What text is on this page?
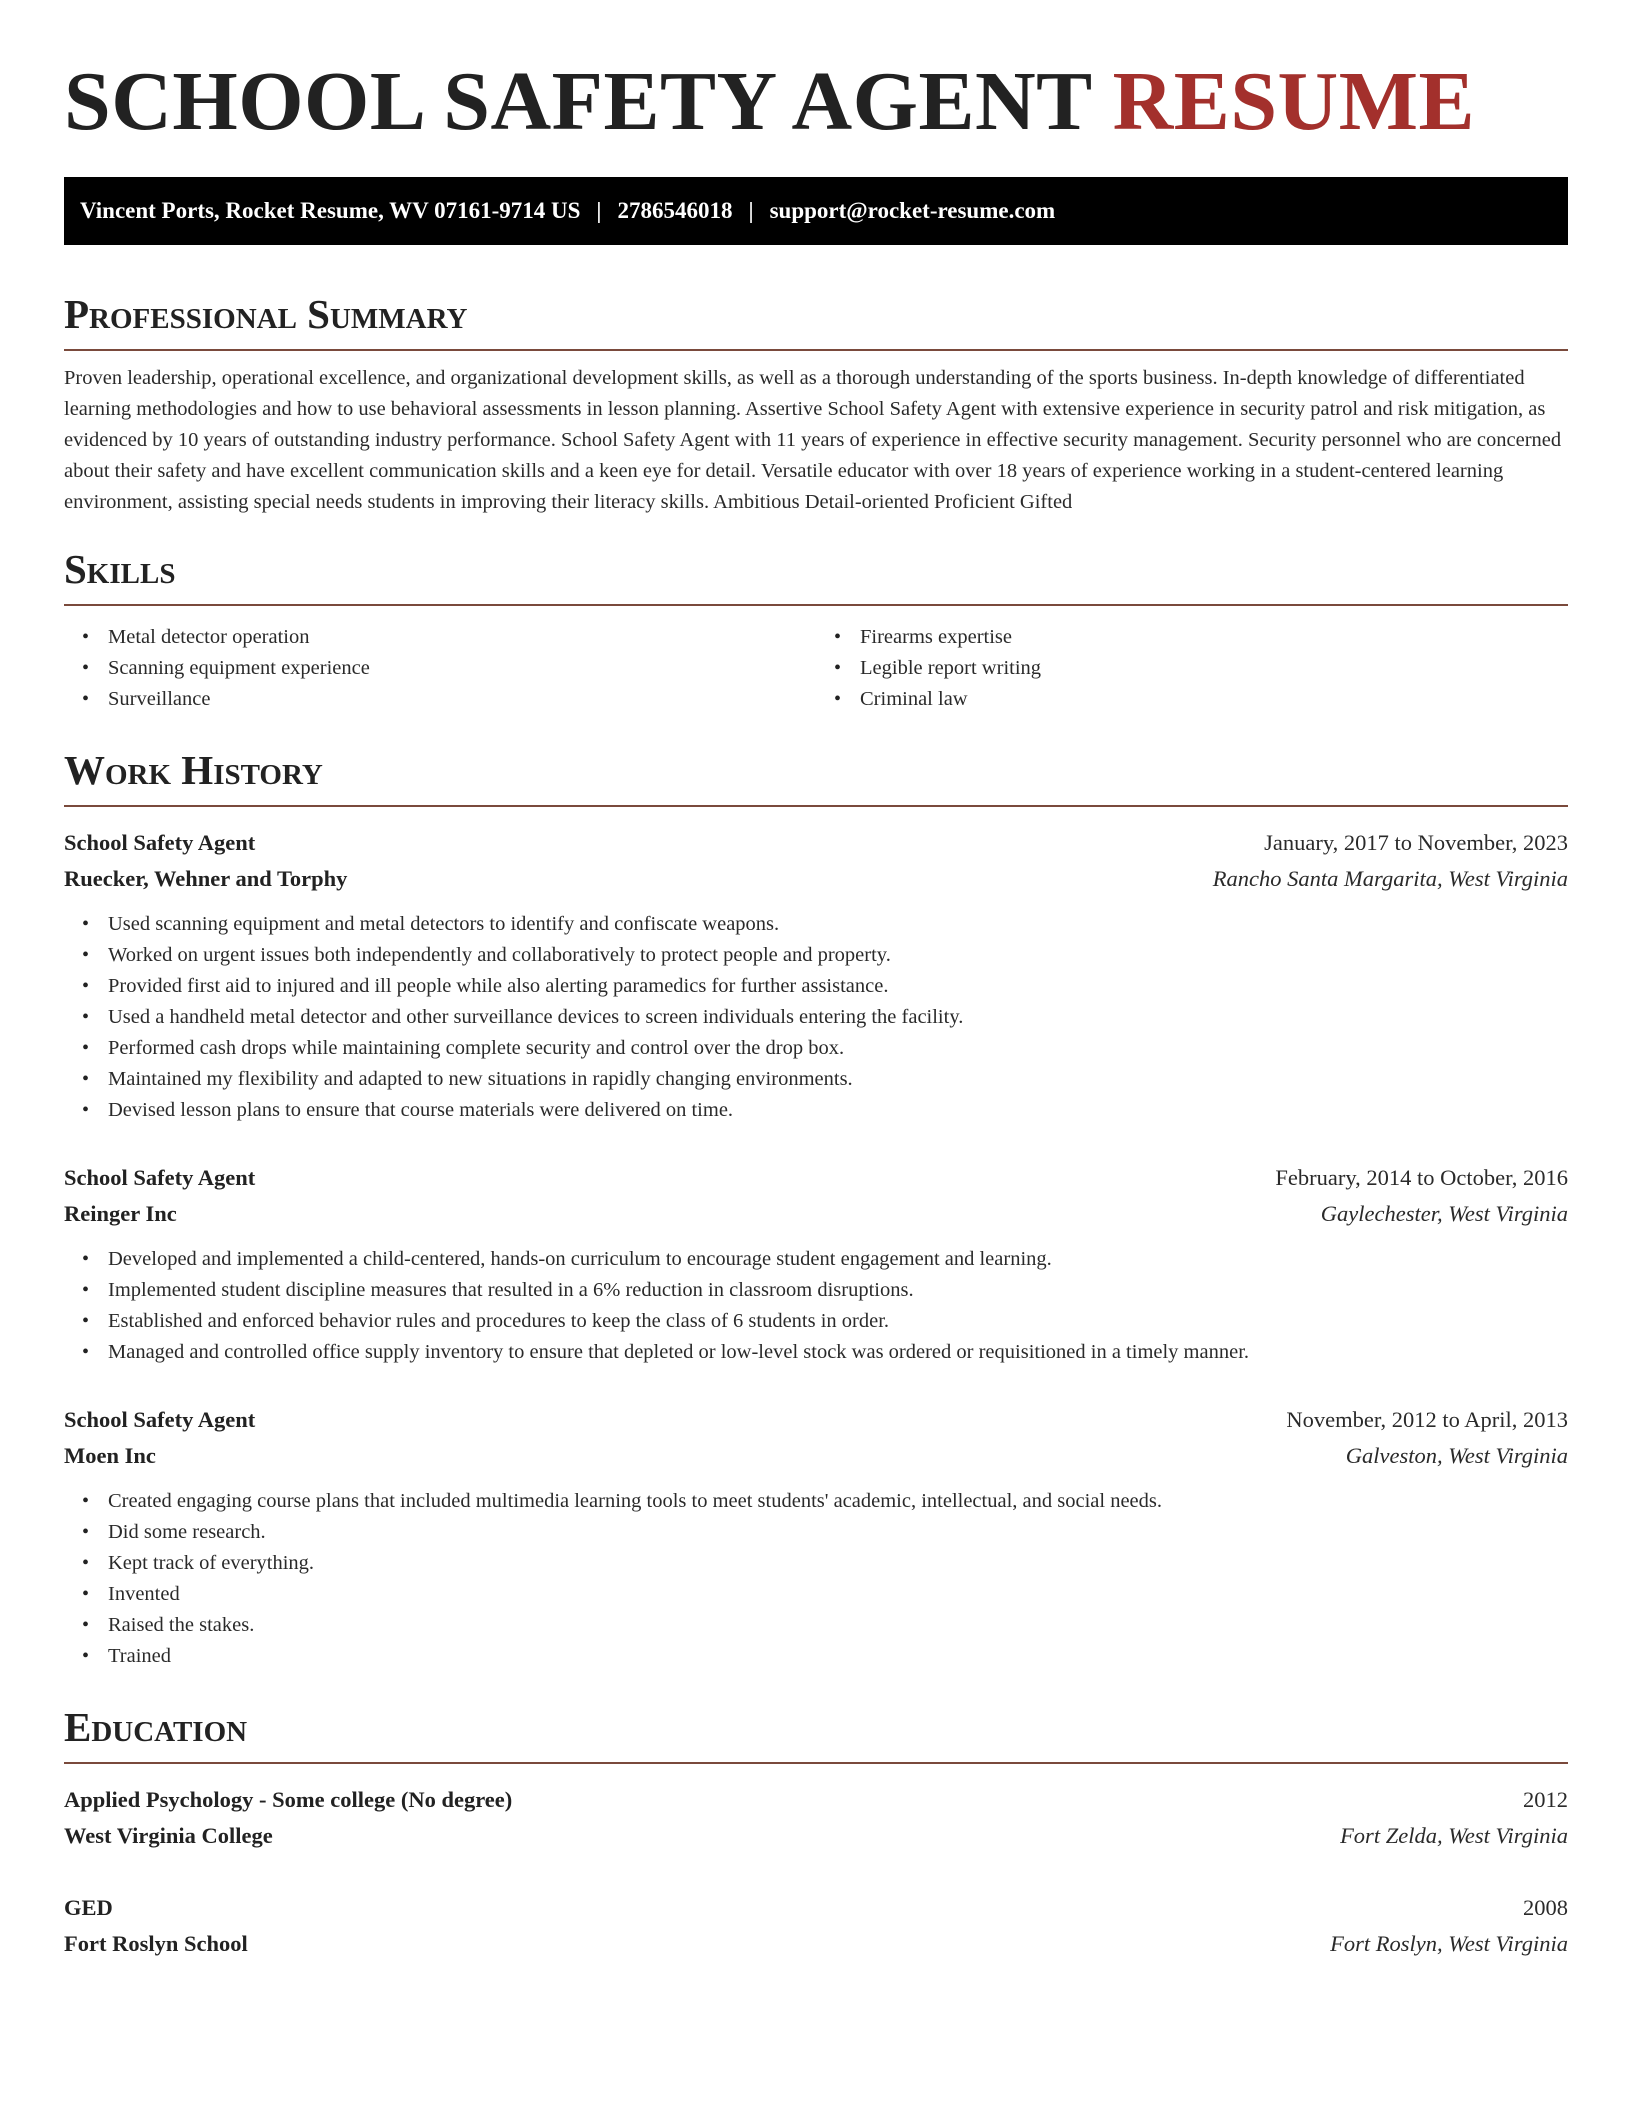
SCHOOL SAFETY AGENT RESUME
Vincent Ports, Rocket Resume, WV 07161-9714 US | 2786546018 | support@rocket-resume.com
Professional Summary

Proven leadership, operational excellence, and organizational development skills, as well as a thorough understanding of the sports business. In-depth knowledge of differentiated learning methodologies and how to use behavioral assessments in lesson planning. Assertive School Safety Agent with extensive experience in security patrol and risk mitigation, as evidenced by 10 years of outstanding industry performance. School Safety Agent with 11 years of experience in effective security management. Security personnel who are concerned about their safety and have excellent communication skills and a keen eye for detail. Versatile educator with over 18 years of experience working in a student-centered learning environment, assisting special needs students in improving their literacy skills. Ambitious Detail-oriented Proficient Gifted

Skills
• Metal detector operation
• Scanning equipment experience
• Surveillance
• Firearms expertise
• Legible report writing
• Criminal law
Work History
School Safety Agent	January, 2017 to November, 2023
Ruecker, Wehner and Torphy	Rancho Santa Margarita, West Virginia
• Used scanning equipment and metal detectors to identify and confiscate weapons.
• Worked on urgent issues both independently and collaboratively to protect people and property.
• Provided first aid to injured and ill people while also alerting paramedics for further assistance.
• Used a handheld metal detector and other surveillance devices to screen individuals entering the facility.
• Performed cash drops while maintaining complete security and control over the drop box.
• Maintained my flexibility and adapted to new situations in rapidly changing environments.
• Devised lesson plans to ensure that course materials were delivered on time.
School Safety Agent	February, 2014 to October, 2016
Reinger Inc	Gaylechester, West Virginia
• Developed and implemented a child-centered, hands-on curriculum to encourage student engagement and learning.
• Implemented student discipline measures that resulted in a 6% reduction in classroom disruptions.
• Established and enforced behavior rules and procedures to keep the class of 6 students in order.
• Managed and controlled office supply inventory to ensure that depleted or low-level stock was ordered or requisitioned in a timely manner.
School Safety Agent	November, 2012 to April, 2013
Moen Inc	Galveston, West Virginia
• Created engaging course plans that included multimedia learning tools to meet students' academic, intellectual, and social needs.
• Did some research.
• Kept track of everything.
• Invented
• Raised the stakes.
• Trained
Education
Applied Psychology - Some college (No degree)	2012
West Virginia College	Fort Zelda, West Virginia
GED	2008
Fort Roslyn School	Fort Roslyn, West Virginia
